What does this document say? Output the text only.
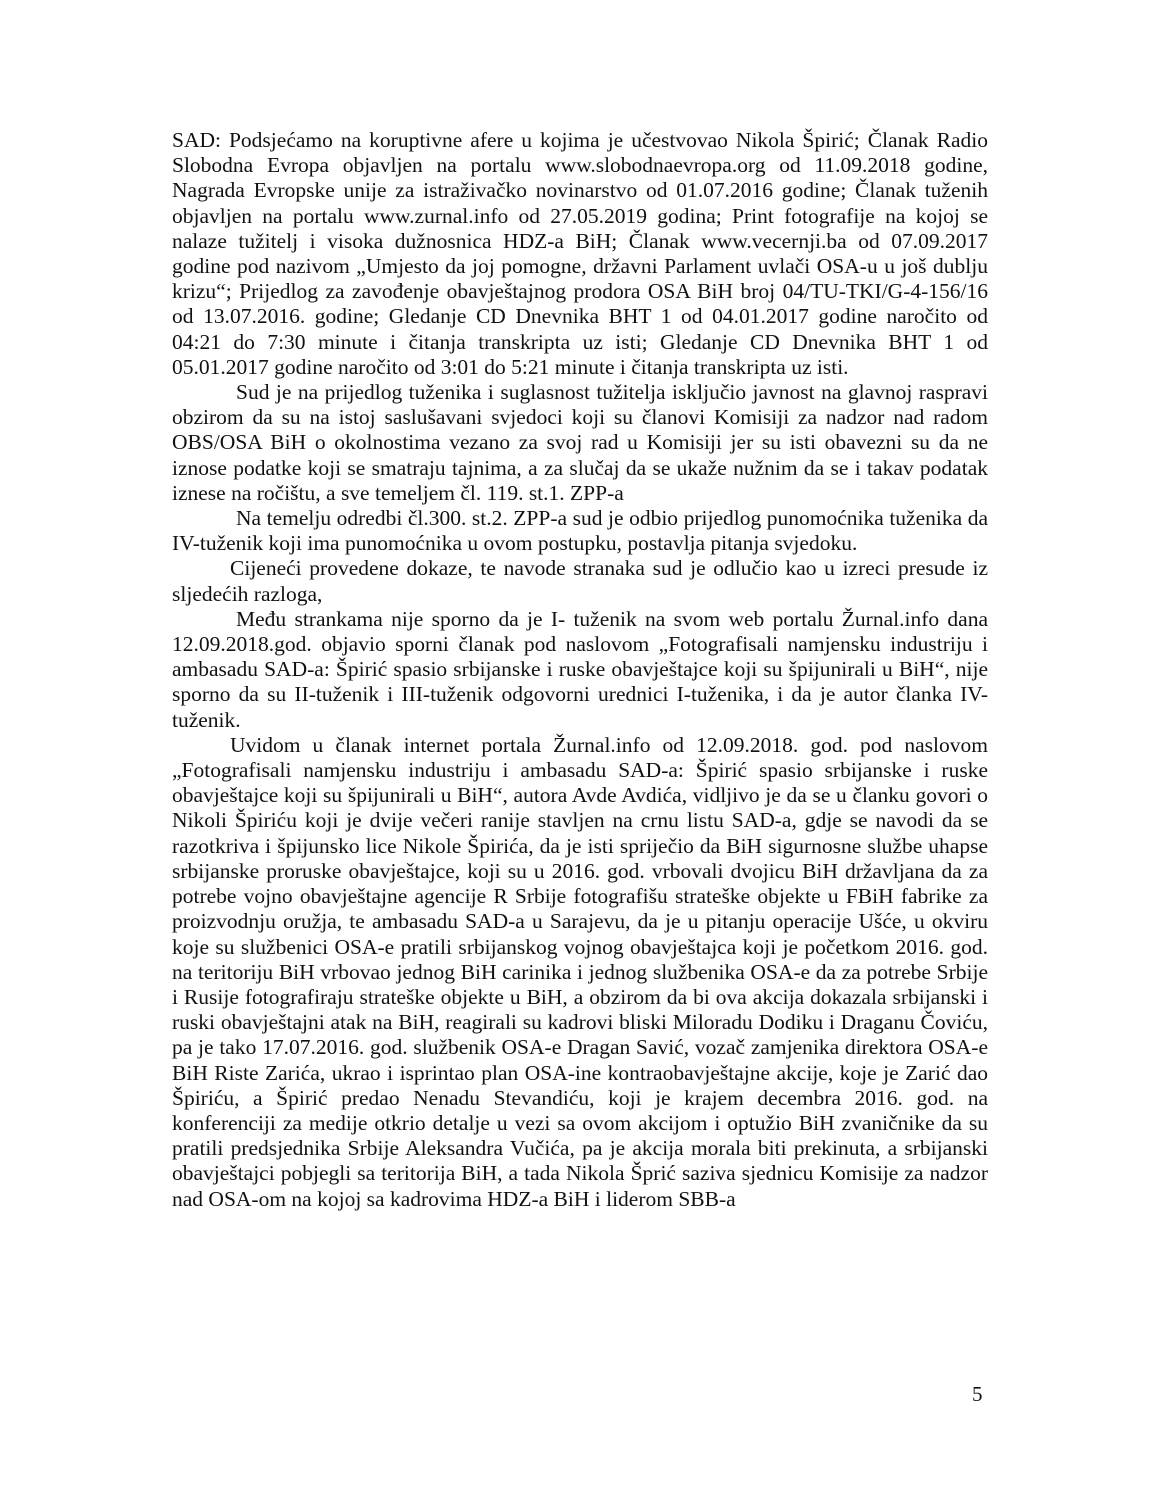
SAD: Podsjećamo na koruptivne afere u kojima je učestvovao Nikola Špirić; Članak Radio Slobodna Evropa objavljen na portalu www.slobodnaevropa.org od 11.09.2018 godine, Nagrada Evropske unije za istraživačko novinarstvo od 01.07.2016 godine; Članak tuženih objavljen na portalu www.zurnal.info od 27.05.2019 godina; Print fotografije na kojoj se nalaze tužitelj i visoka dužnosnica HDZ-a BiH; Članak www.vecernji.ba od 07.09.2017 godine pod nazivom „Umjesto da joj pomogne, državni Parlament uvlači OSA-u u još dublju krizu“; Prijedlog za zavođenje obavještajnog prodora OSA BiH broj 04/TU-TKI/G-4-156/16 od 13.07.2016. godine; Gledanje CD Dnevnika BHT 1 od 04.01.2017 godine naročito od 04:21 do 7:30 minute i čitanja transkripta uz isti; Gledanje CD Dnevnika BHT 1 od 05.01.2017 godine naročito od 3:01 do 5:21 minute i čitanja transkripta uz isti.

Sud je na prijedlog tuženika i suglasnost tužitelja isključio javnost na glavnoj raspravi obzirom da su na istoj saslušavani svjedoci koji su članovi Komisiji za nadzor nad radom OBS/OSA BiH o okolnostima vezano za svoj rad u Komisiji jer su isti obavezni su da ne iznose podatke koji se smatraju tajnima, a za slučaj da se ukaže nužnim da se i takav podatak iznese na ročištu, a sve temeljem čl. 119. st.1. ZPP-a

Na temelju odredbi čl.300. st.2. ZPP-a sud je odbio prijedlog punomoćnika tuženika da IV-tuženik koji ima punomoćnika u ovom postupku, postavlja pitanja svjedoku.

Cijeneći provedene dokaze, te navode stranaka sud je odlučio kao u izreci presude iz sljedećih razloga,

Među strankama nije sporno da je I- tuženik na svom web portalu Žurnal.info dana 12.09.2018.god. objavio sporni članak pod naslovom „Fotografisali namjensku industriju i ambasadu SAD-a: Špirić spasio srbijanske i ruske obavještajce koji su špijunirali u BiH“, nije sporno da su II-tuženik i III-tuženik odgovorni urednici I-tuženika, i da je autor članka IV-tuženik.

Uvidom u članak internet portala Žurnal.info od 12.09.2018. god. pod naslovom „Fotografisali namjensku industriju i ambasadu SAD-a: Špirić spasio srbijanske i ruske obavještajce koji su špijunirali u BiH“, autora Avde Avdića, vidljivo je da se u članku govori o Nikoli Špiriću koji je dvije večeri ranije stavljen na crnu listu SAD-a, gdje se navodi da se razotkriva i špijunsko lice Nikole Špirića, da je isti spriječio da BiH sigurnosne službe uhapse srbijanske proruske obavještajce, koji su u 2016. god. vrbovali dvojicu BiH državljana da za potrebe vojno obavještajne agencije R Srbije fotografišu strateške objekte u FBiH fabrike za proizvodnju oružja, te ambasadu SAD-a u Sarajevu, da je u pitanju operacije Ušće, u okviru koje su službenici OSA-e pratili srbijanskog vojnog obavještajca koji je početkom 2016. god. na teritoriju BiH vrbovao jednog BiH carinika i jednog službenika OSA-e da za potrebe Srbije i Rusije fotografiraju strateške objekte u BiH, a obzirom da bi ova akcija dokazala srbijanski i ruski obavještajni atak na BiH, reagirali su kadrovi bliski Miloradu Dodiku i Draganu Čoviću, pa je tako 17.07.2016. god. službenik OSA-e Dragan Savić, vozač zamjenika direktora OSA-e BiH Riste Zarića, ukrao i isprintao plan OSA-ine kontraobavještajne akcije, koje je Zarić dao Špiriću, a Špirić predao Nenadu Stevandiću, koji je krajem decembra 2016. god. na konferenciji za medije otkrio detalje u vezi sa ovom akcijom i optužio BiH zvaničnike da su pratili predsjednika Srbije Aleksandra Vučića, pa je akcija morala biti prekinuta, a srbijanski obavještajci pobjegli sa teritorija BiH, a tada Nikola Šprić saziva sjednicu Komisije za nadzor nad OSA-om na kojoj sa kadrovima HDZ-a BiH i liderom SBB-a

5
